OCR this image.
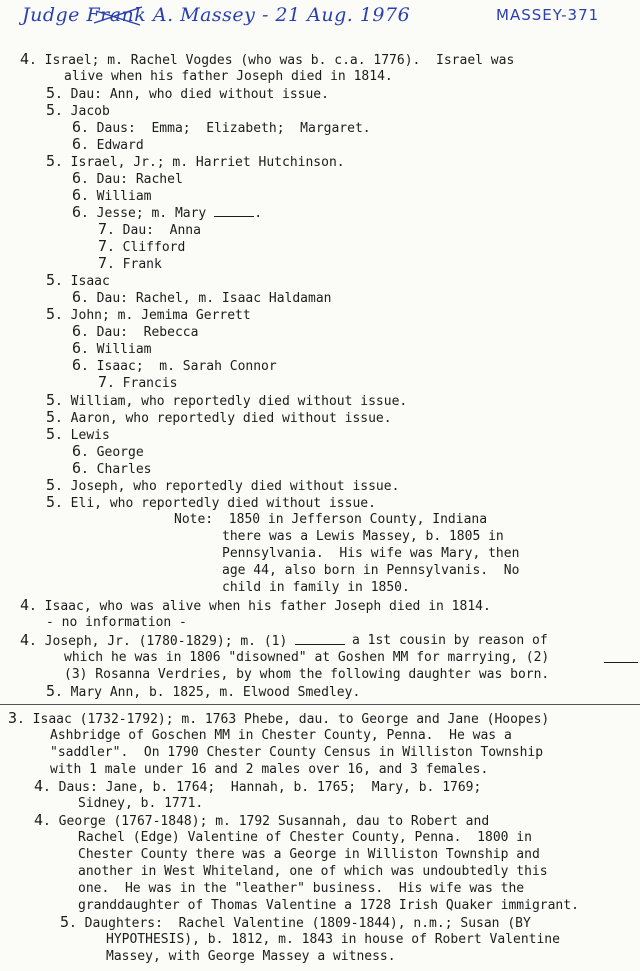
Judge Frank A. Massey - 21 Aug. 1976	MASSEY-371
4. Israel; m. Rachel Vogdes (who was b. c.a. 1776).  Israel was
alive when his father Joseph died in 1814.
5. Dau: Ann, who died without issue.
5. Jacob
6. Daus:  Emma;  Elizabeth;  Margaret.
6. Edward
5. Israel, Jr.; m. Harriet Hutchinson.
6. Dau: Rachel
6. William
6. Jesse; m. Mary	.
7. Dau:  Anna
7. Clifford
7. Frank
5. Isaac
6. Dau: Rachel, m. Isaac Haldaman
5. John; m. Jemima Gerrett
6. Dau:  Rebecca
6. William
6. Isaac;  m. Sarah Connor
7. Francis
5. William, who reportedly died without issue.
5. Aaron, who reportedly died without issue.
5. Lewis
6. George
6. Charles
5. Joseph, who reportedly died without issue.
5. Eli, who reportedly died without issue.
Note:  1850 in Jefferson County, Indiana
there was a Lewis Massey, b. 1805 in
Pennsylvania.  His wife was Mary, then
age 44, also born in Pennsylvanis.  No
child in family in 1850.
4. Isaac, who was alive when his father Joseph died in 1814.
- no information -
4. Joseph, Jr. (1780-1829); m. (1)	a 1st cousin by reason of
which he was in 1806 "disowned" at Goshen MM for marrying, (2)
(3) Rosanna Verdries, by whom the following daughter was born.
5. Mary Ann, b. 1825, m. Elwood Smedley.
3. Isaac (1732-1792); m. 1763 Phebe, dau. to George and Jane (Hoopes)
Ashbridge of Goschen MM in Chester County, Penna.  He was a
"saddler".  On 1790 Chester County Census in Williston Township
with 1 male under 16 and 2 males over 16, and 3 females.
4. Daus: Jane, b. 1764;  Hannah, b. 1765;  Mary, b. 1769;
Sidney, b. 1771.
4. George (1767-1848); m. 1792 Susannah, dau to Robert and
Rachel (Edge) Valentine of Chester County, Penna.  1800 in
Chester County there was a George in Williston Township and
another in West Whiteland, one of which was undoubtedly this
one.  He was in the "leather" business.  His wife was the
granddaughter of Thomas Valentine a 1728 Irish Quaker immigrant.
5. Daughters:  Rachel Valentine (1809-1844), n.m.; Susan (BY
HYPOTHESIS), b. 1812, m. 1843 in house of Robert Valentine
Massey, with George Massey a witness.
